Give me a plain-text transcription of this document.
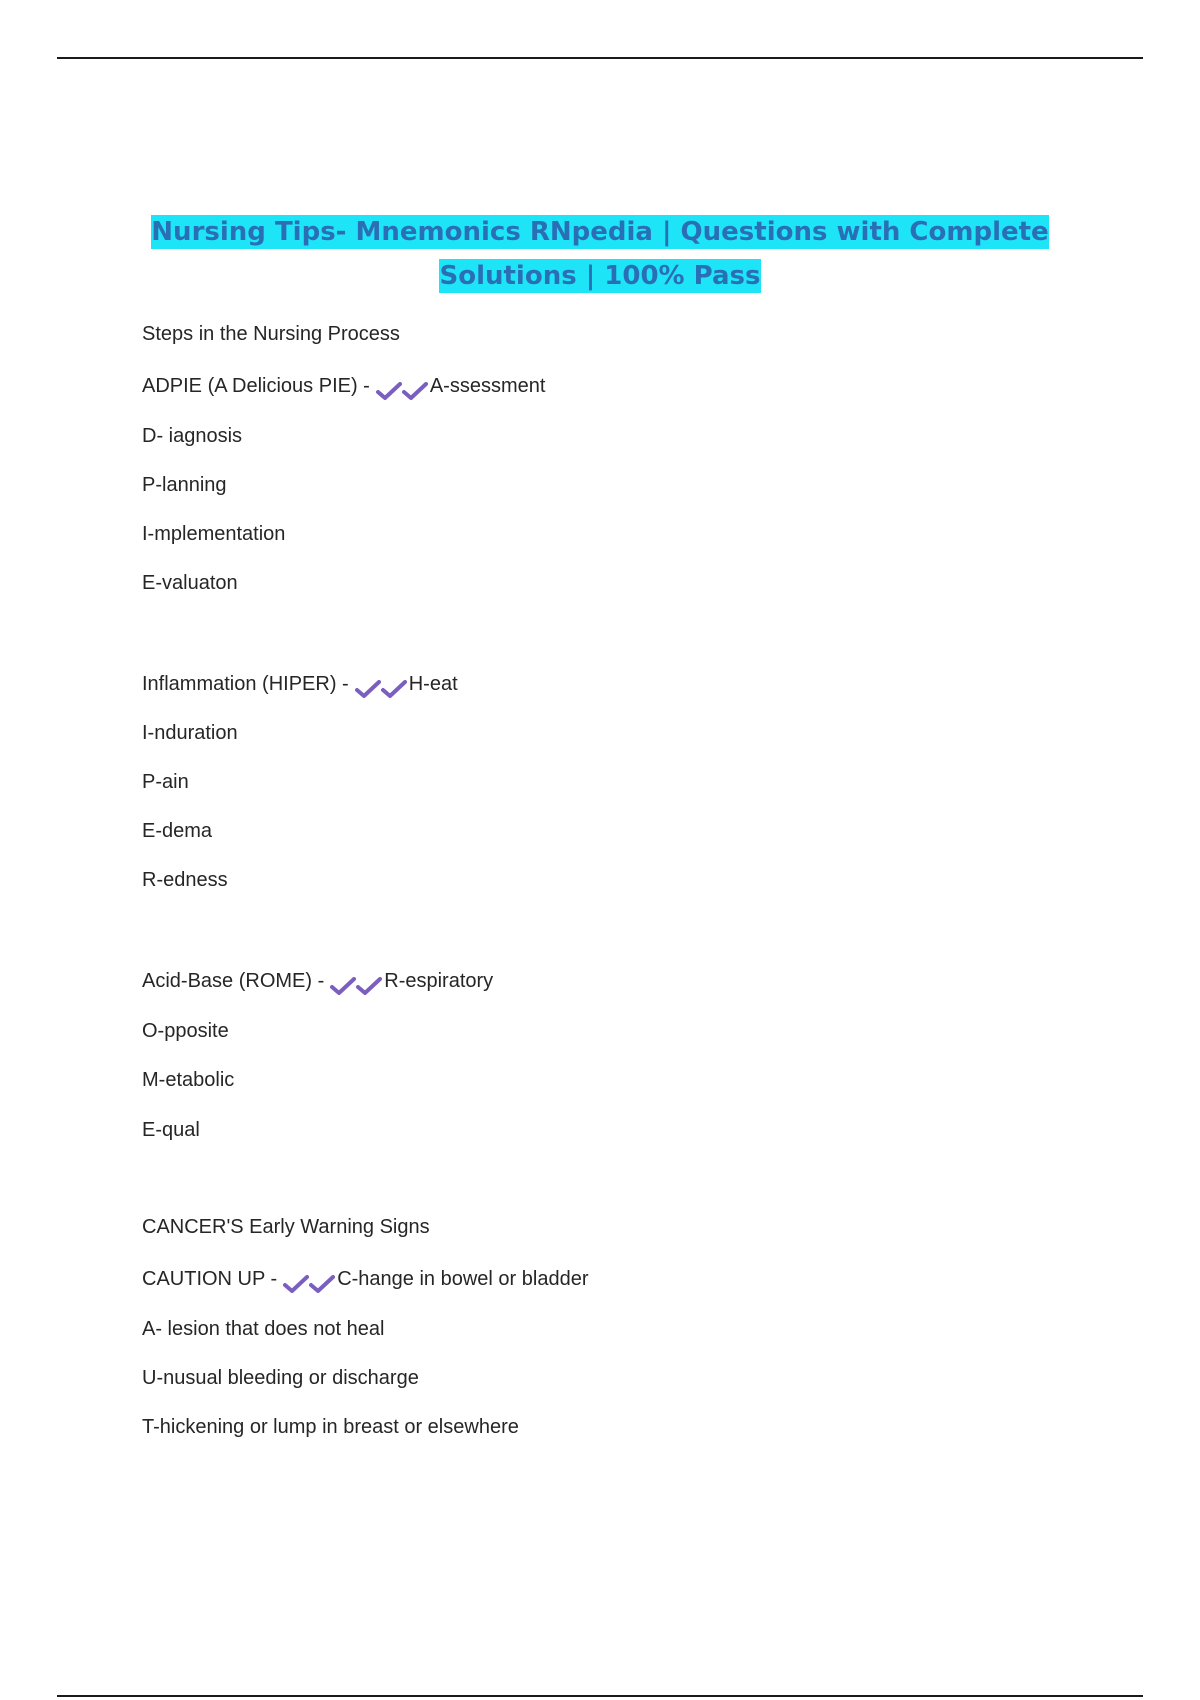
Nursing Tips- Mnemonics RNpedia | Questions with Complete
Solutions | 100% Pass
Steps in the Nursing Process
ADPIE (A Delicious PIE) -	A-ssessment
D- iagnosis
P-lanning
I-mplementation
E-valuaton
Inflammation (HIPER) -	H-eat
I-nduration
P-ain
E-dema
R-edness
Acid-Base (ROME) -	R-espiratory
O-pposite
M-etabolic
E-qual
CANCER'S Early Warning Signs
CAUTION UP -	C-hange in bowel or bladder
A- lesion that does not heal
U-nusual bleeding or discharge
T-hickening or lump in breast or elsewhere
